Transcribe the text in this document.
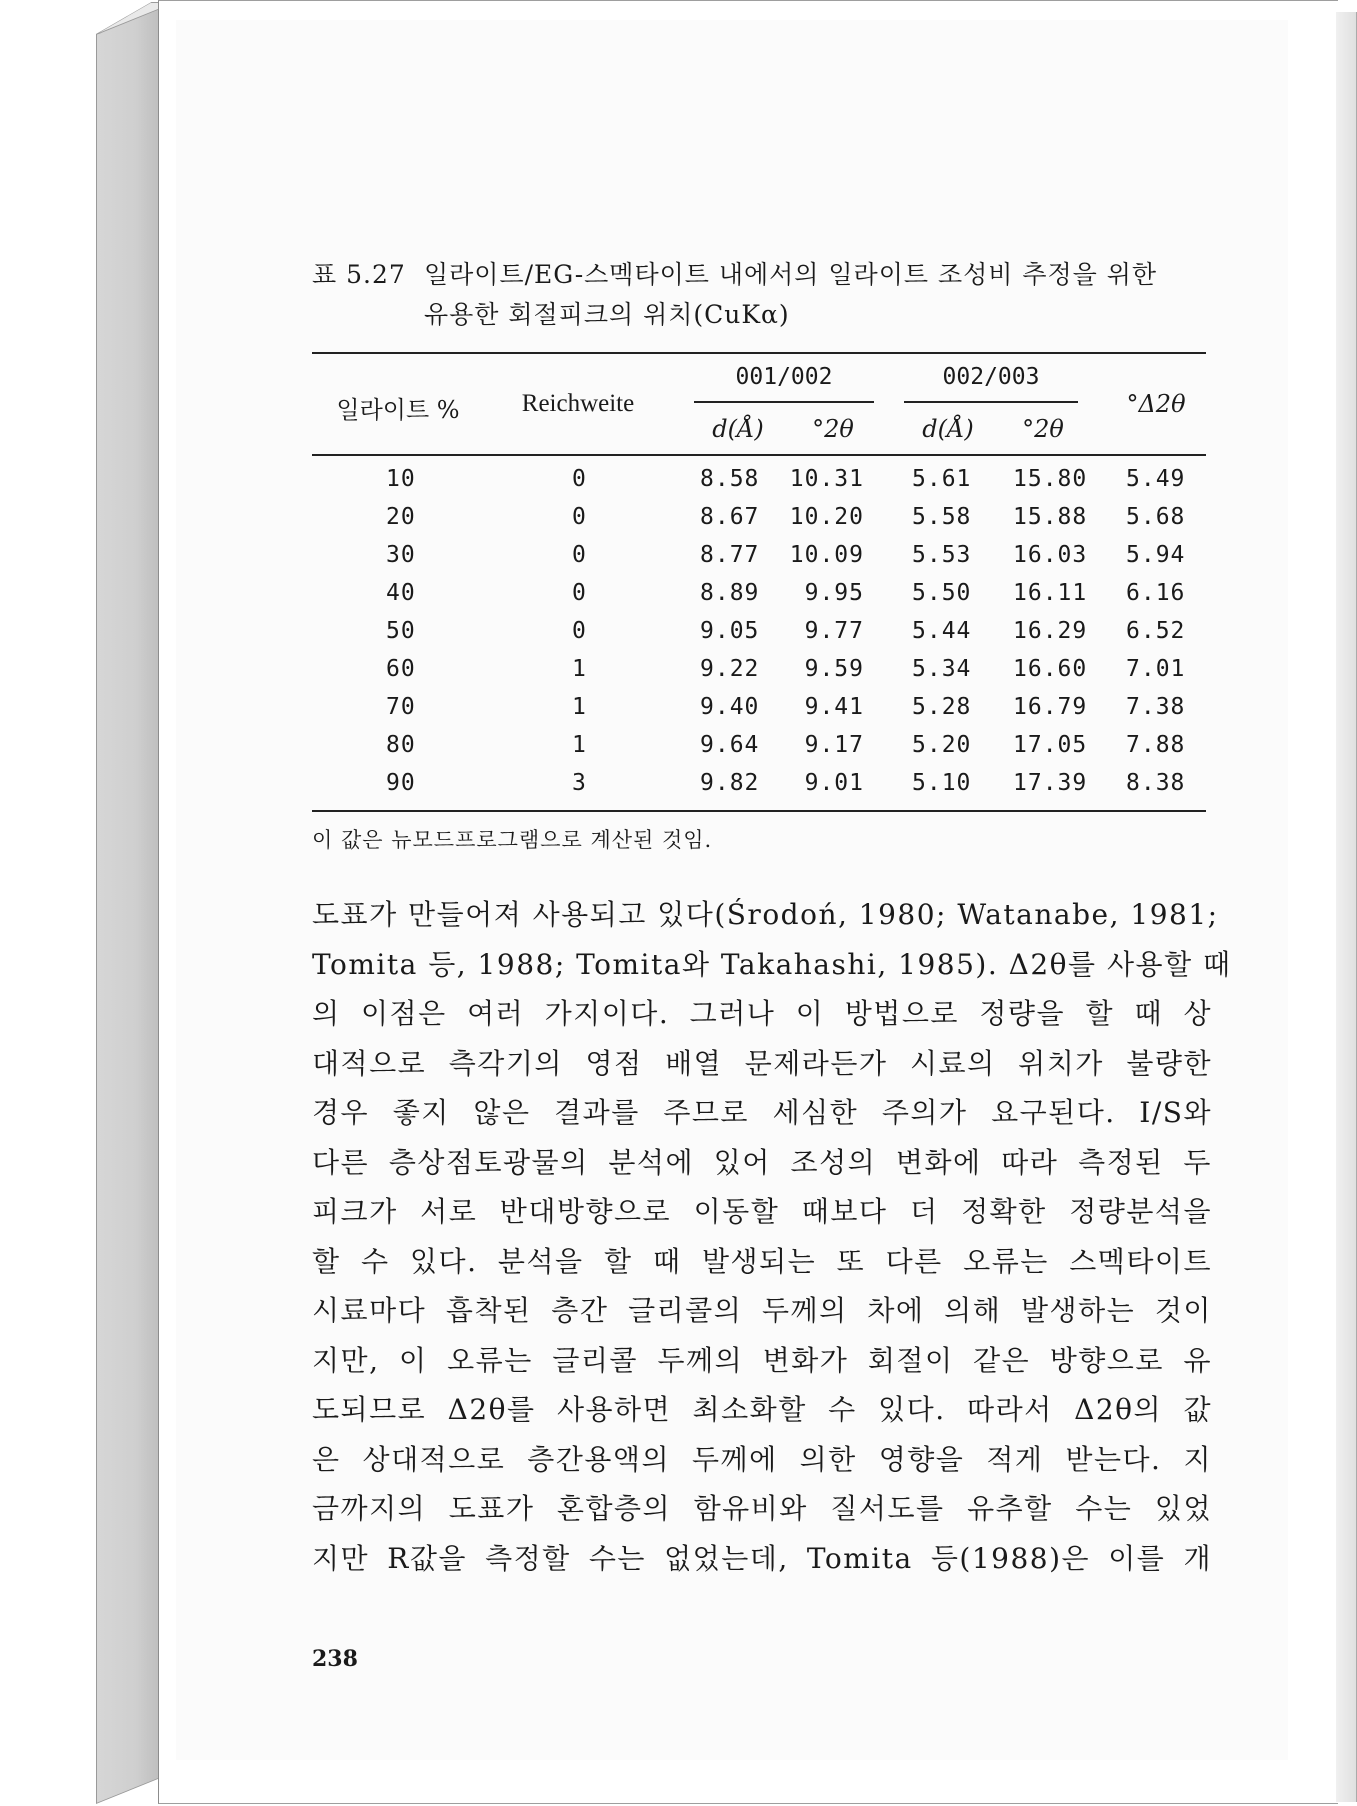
표 5.27 일라이트/EG-스멕타이트 내에서의 일라이트 조성비 추정을 위한
유용한 회절피크의 위치(CuKα)
일라이트 %	Reichweite
001/002	002/003
d(Å)	°2θ	d(Å)	°2θ
°Δ2θ
10	0	8.58 10.31 5.61 15.80 5.49
20	0	8.67 10.20 5.58 15.88 5.68
30	0	8.77 10.09 5.53 16.03 5.94
40	0	8.89	9.95 5.50 16.11 6.16
50	0	9.05	9.77 5.44 16.29 6.52
60	1	9.22	9.59 5.34 16.60 7.01
70	1	9.40	9.41 5.28 16.79 7.38
80	1	9.64	9.17 5.20 17.05 7.88
90	3	9.82	9.01 5.10 17.39 8.38
이 값은 뉴모드프로그램으로 계산된 것임.
도표가 만들어져 사용되고 있다(Środoń, 1980; Watanabe, 1981;
Tomita 등, 1988; Tomita와 Takahashi, 1985). Δ2θ를 사용할 때
의 이점은 여러 가지이다. 그러나 이 방법으로 정량을 할 때 상
대적으로 측각기의 영점 배열 문제라든가 시료의 위치가 불량한
경우 좋지 않은 결과를 주므로 세심한 주의가 요구된다. I/S와
다른 층상점토광물의 분석에 있어 조성의 변화에 따라 측정된 두
피크가 서로 반대방향으로 이동할 때보다 더 정확한 정량분석을
할 수 있다. 분석을 할 때 발생되는 또 다른 오류는 스멕타이트
시료마다 흡착된 층간 글리콜의 두께의 차에 의해 발생하는 것이
지만, 이 오류는 글리콜 두께의 변화가 회절이 같은 방향으로 유
도되므로 Δ2θ를 사용하면 최소화할 수 있다. 따라서 Δ2θ의 값
은 상대적으로 층간용액의 두께에 의한 영향을 적게 받는다. 지
금까지의 도표가 혼합층의 함유비와 질서도를 유추할 수는 있었
지만 R값을 측정할 수는 없었는데, Tomita 등(1988)은 이를 개
238
